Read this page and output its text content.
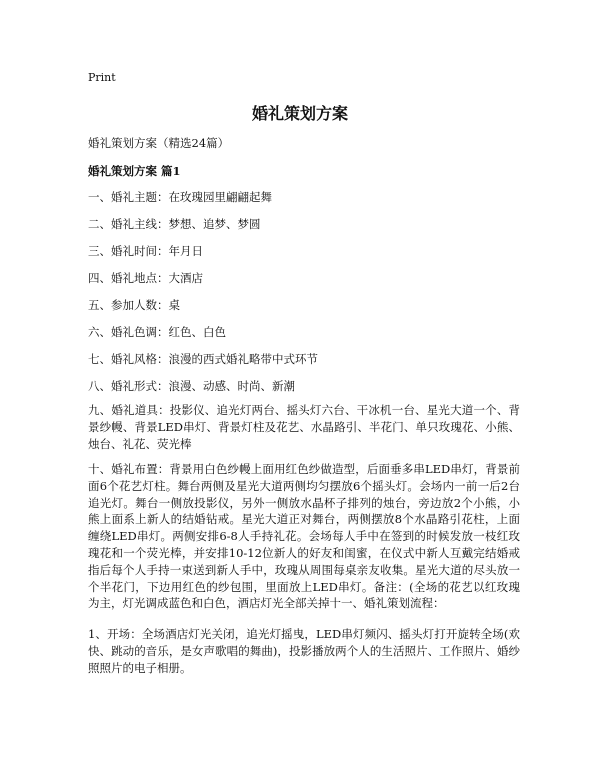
Print
婚礼策划方案
婚礼策划方案（精选24篇）
婚礼策划方案 篇1
一、婚礼主题：在玫瑰园里翩翩起舞
二、婚礼主线：梦想、追梦、梦圆
三、婚礼时间：年月日
四、婚礼地点：大酒店
五、参加人数：桌
六、婚礼色调：红色、白色
七、婚礼风格：浪漫的西式婚礼略带中式环节
八、婚礼形式：浪漫、动感、时尚、新潮
九、婚礼道具：投影仪、追光灯两台、摇头灯六台、干冰机一台、星光大道一个、背景纱幔、背景LED串灯、背景灯柱及花艺、水晶路引、半花门、单只玫瑰花、小熊、烛台、礼花、荧光棒
十、婚礼布置：背景用白色纱幔上面用红色纱做造型，后面垂多串LED串灯，背景前面6个花艺灯柱。舞台两侧及星光大道两侧均匀摆放6个摇头灯。会场内一前一后2台追光灯。舞台一侧放投影仪，另外一侧放水晶杯子排列的烛台，旁边放2个小熊，小熊上面系上新人的结婚钻戒。星光大道正对舞台，两侧摆放8个水晶路引花柱，上面缠绕LED串灯。两侧安排6-8人手持礼花。会场每人手中在签到的时候发放一枝红玫瑰花和一个荧光棒，并安排10-12位新人的好友和闺蜜，在仪式中新人互戴完结婚戒指后每个人手持一束送到新人手中，玫瑰从周围每桌亲友收集。星光大道的尽头放一个半花门，下边用红色的纱包围，里面放上LED串灯。备注：(全场的花艺以红玫瑰为主，灯光调成蓝色和白色，酒店灯光全部关掉十一、婚礼策划流程：
1、开场：全场酒店灯光关闭，追光灯摇曳，LED串灯频闪、摇头灯打开旋转全场(欢快、跳动的音乐，是女声歌唱的舞曲)，投影播放两个人的生活照片、工作照片、婚纱照照片的电子相册。
